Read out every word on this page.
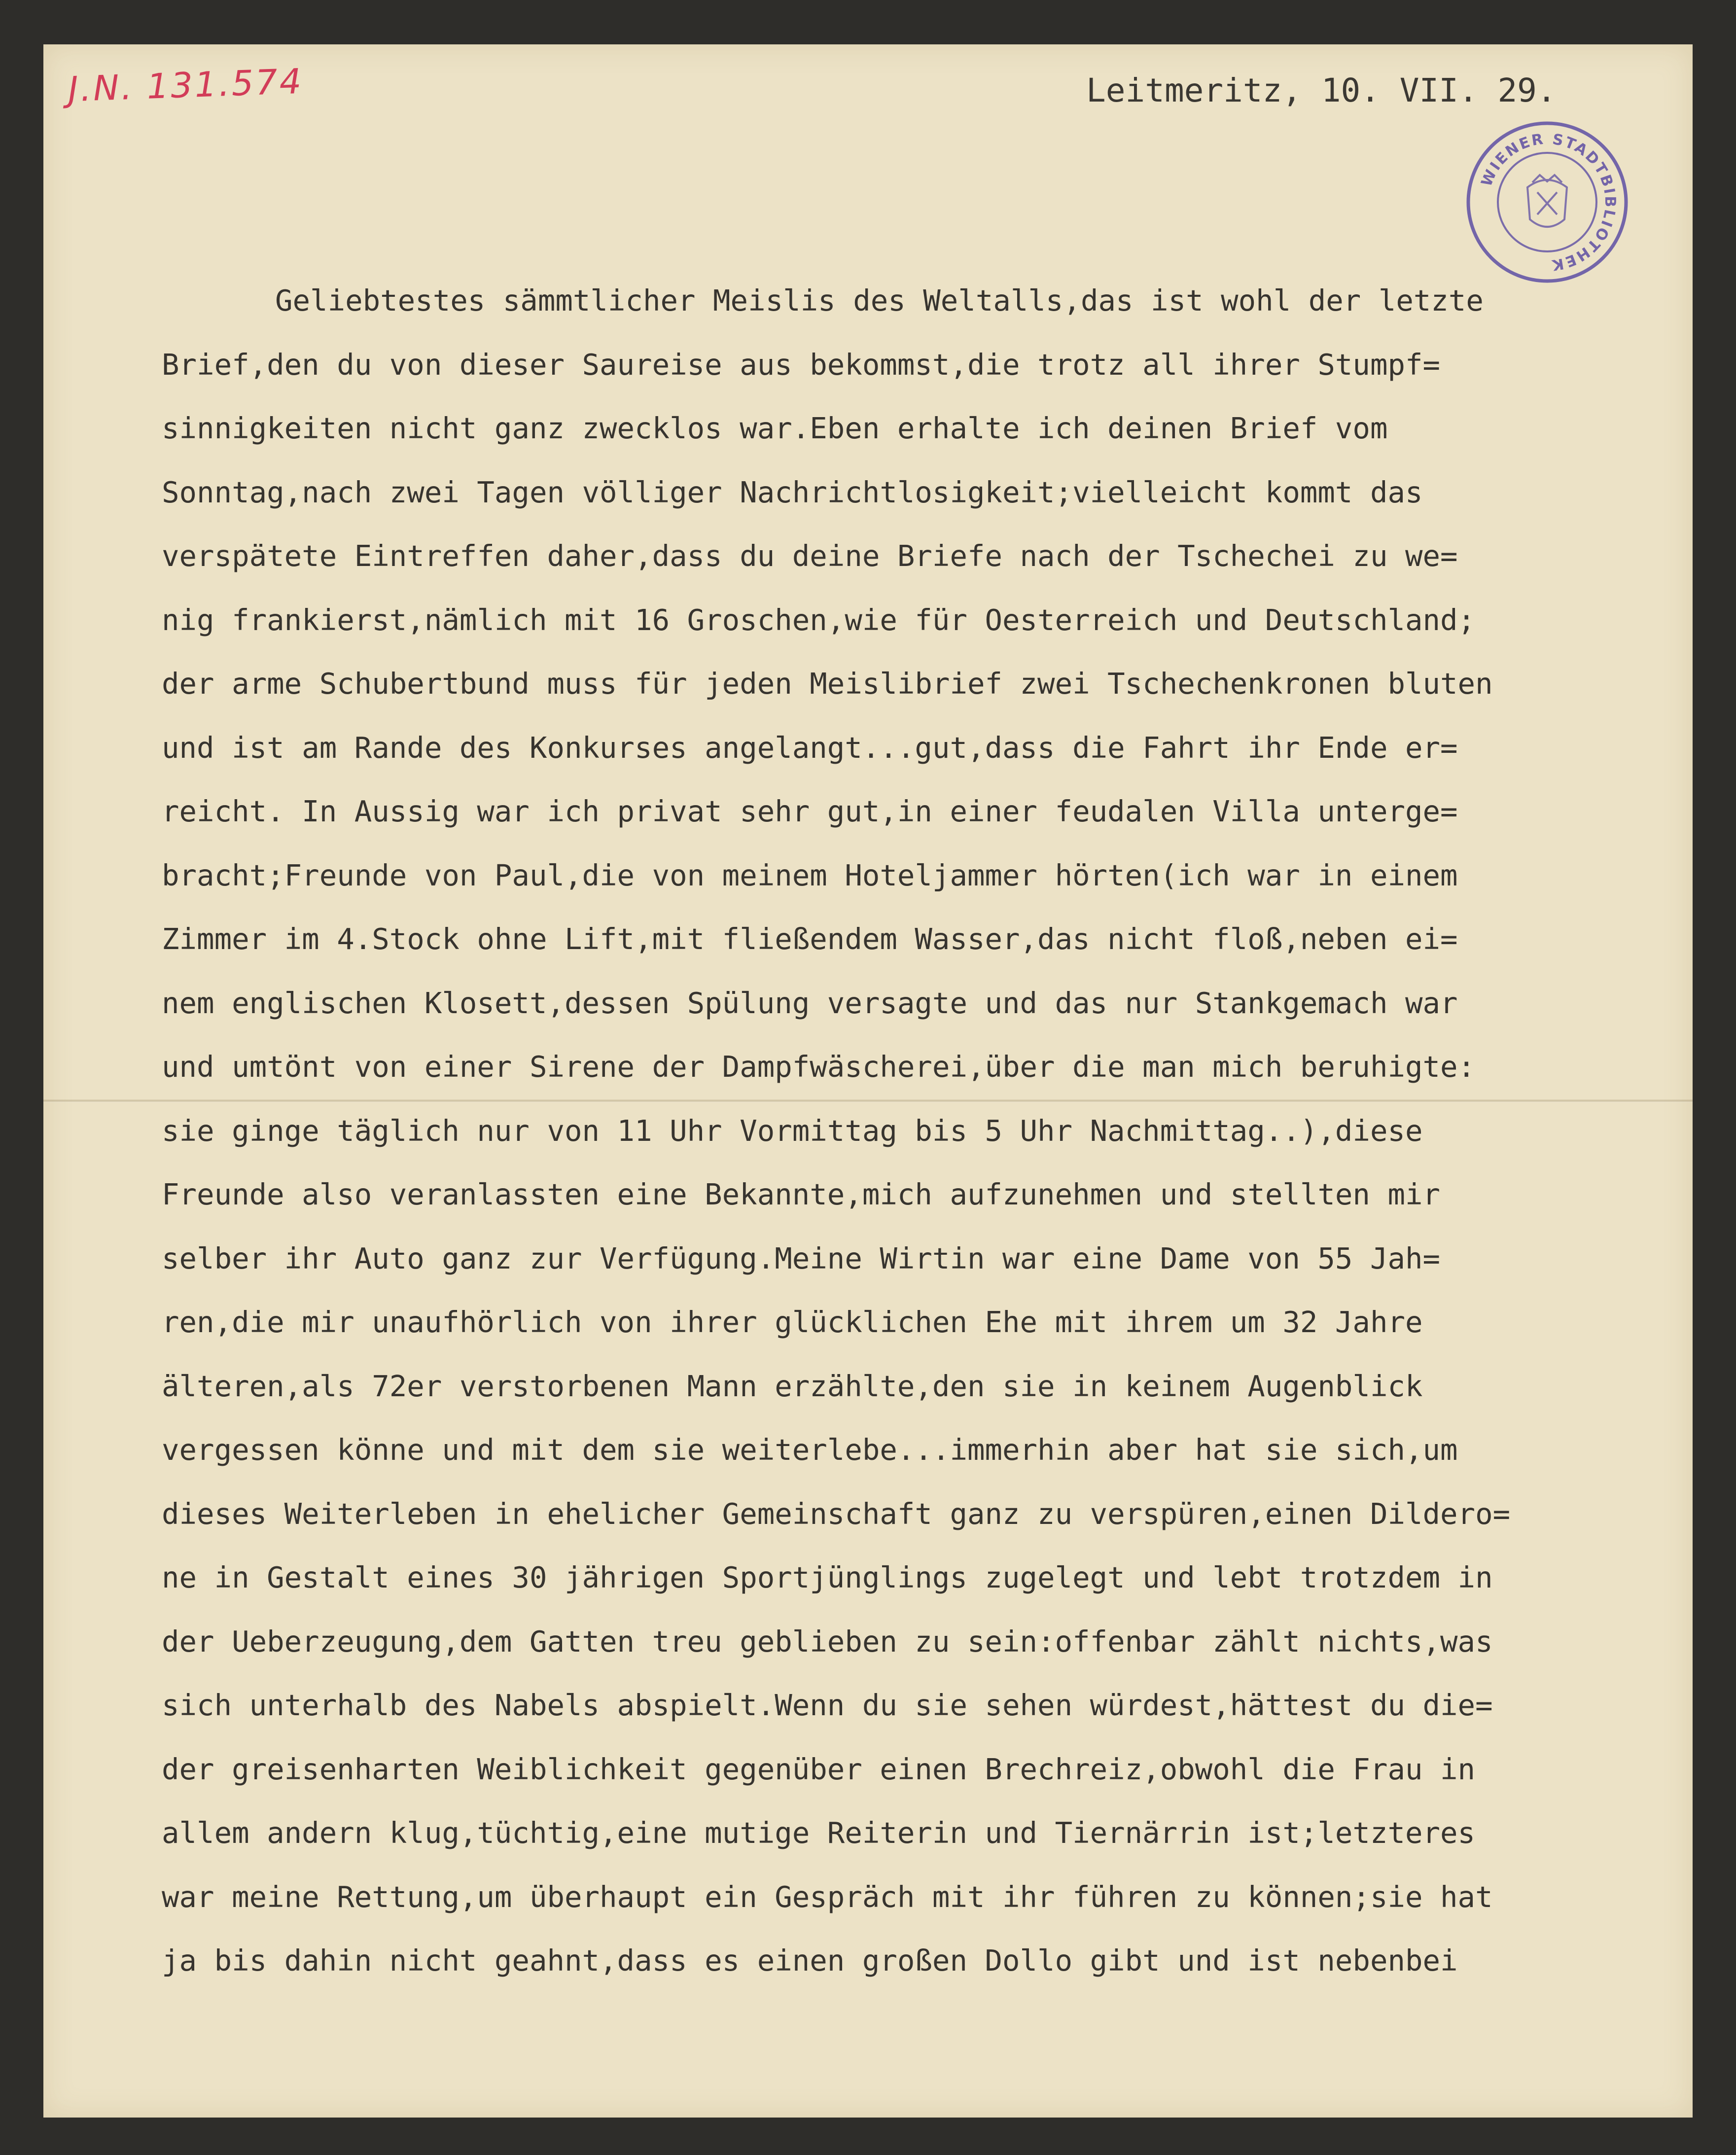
J.N. 131.574	Leitmeritz, 10. VII. 29.
WIENER STADTBIBLIOTHEK
Geliebtestes sämmtlicher Meislis des Weltalls,das ist wohl der letzte
Brief,den du von dieser Saureise aus bekommst,die trotz all ihrer Stumpf=
sinnigkeiten nicht ganz zwecklos war.Eben erhalte ich deinen Brief vom
Sonntag,nach zwei Tagen völliger Nachrichtlosigkeit;vielleicht kommt das
verspätete Eintreffen daher,dass du deine Briefe nach der Tschechei zu we=
nig frankierst,nämlich mit 16 Groschen,wie für Oesterreich und Deutschland;
der arme Schubertbund muss für jeden Meislibrief zwei Tschechenkronen bluten
und ist am Rande des Konkurses angelangt...gut,dass die Fahrt ihr Ende er=
reicht. In Aussig war ich privat sehr gut,in einer feudalen Villa unterge=
bracht;Freunde von Paul,die von meinem Hoteljammer hörten(ich war in einem
Zimmer im 4.Stock ohne Lift,mit fließendem Wasser,das nicht floß,neben ei=
nem englischen Klosett,dessen Spülung versagte und das nur Stankgemach war
und umtönt von einer Sirene der Dampfwäscherei,über die man mich beruhigte:
sie ginge täglich nur von 11 Uhr Vormittag bis 5 Uhr Nachmittag..),diese
Freunde also veranlassten eine Bekannte,mich aufzunehmen und stellten mir
selber ihr Auto ganz zur Verfügung.Meine Wirtin war eine Dame von 55 Jah=
ren,die mir unaufhörlich von ihrer glücklichen Ehe mit ihrem um 32 Jahre
älteren,als 72er verstorbenen Mann erzählte,den sie in keinem Augenblick
vergessen könne und mit dem sie weiterlebe...immerhin aber hat sie sich,um
dieses Weiterleben in ehelicher Gemeinschaft ganz zu verspüren,einen Dildero=
ne in Gestalt eines 30 jährigen Sportjünglings zugelegt und lebt trotzdem in
der Ueberzeugung,dem Gatten treu geblieben zu sein:offenbar zählt nichts,was
sich unterhalb des Nabels abspielt.Wenn du sie sehen würdest,hättest du die=
der greisenharten Weiblichkeit gegenüber einen Brechreiz,obwohl die Frau in
allem andern klug,tüchtig,eine mutige Reiterin und Tiernärrin ist;letzteres
war meine Rettung,um überhaupt ein Gespräch mit ihr führen zu können;sie hat
ja bis dahin nicht geahnt,dass es einen großen Dollo gibt und ist nebenbei
